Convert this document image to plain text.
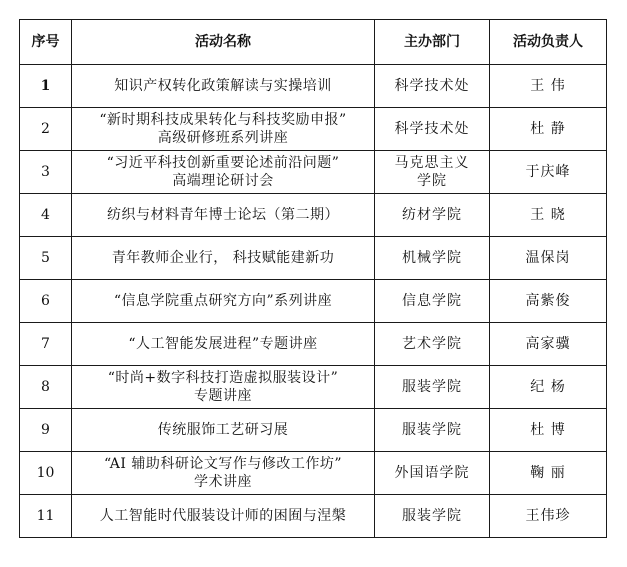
序号	活动名称	主办部门	活动负责人
1	知识产权转化政策解读与实操培训	科学技术处	王 伟
2	“新时期科技成果转化与科技奖励申报”
高级研修班系列讲座	科学技术处	杜 静
3	“习近平科技创新重要论述前沿问题”
高端理论研讨会	马克思主义
学院	于庆峰
4	纺织与材料青年博士论坛（第二期）	纺材学院	王 晓
5	青年教师企业行， 科技赋能建新功	机械学院	温保岗
6	“信息学院重点研究方向”系列讲座	信息学院	高紫俊
7	“人工智能发展进程”专题讲座	艺术学院	高家骥
8	“时尚+数字科技打造虚拟服装设计”
专题讲座	服装学院	纪 杨
9	传统服饰工艺研习展	服装学院	杜 博
10	“AI 辅助科研论文写作与修改工作坊”
学术讲座	外国语学院	鞠 丽
11	人工智能时代服装设计师的困囿与涅槃	服装学院	王伟珍
